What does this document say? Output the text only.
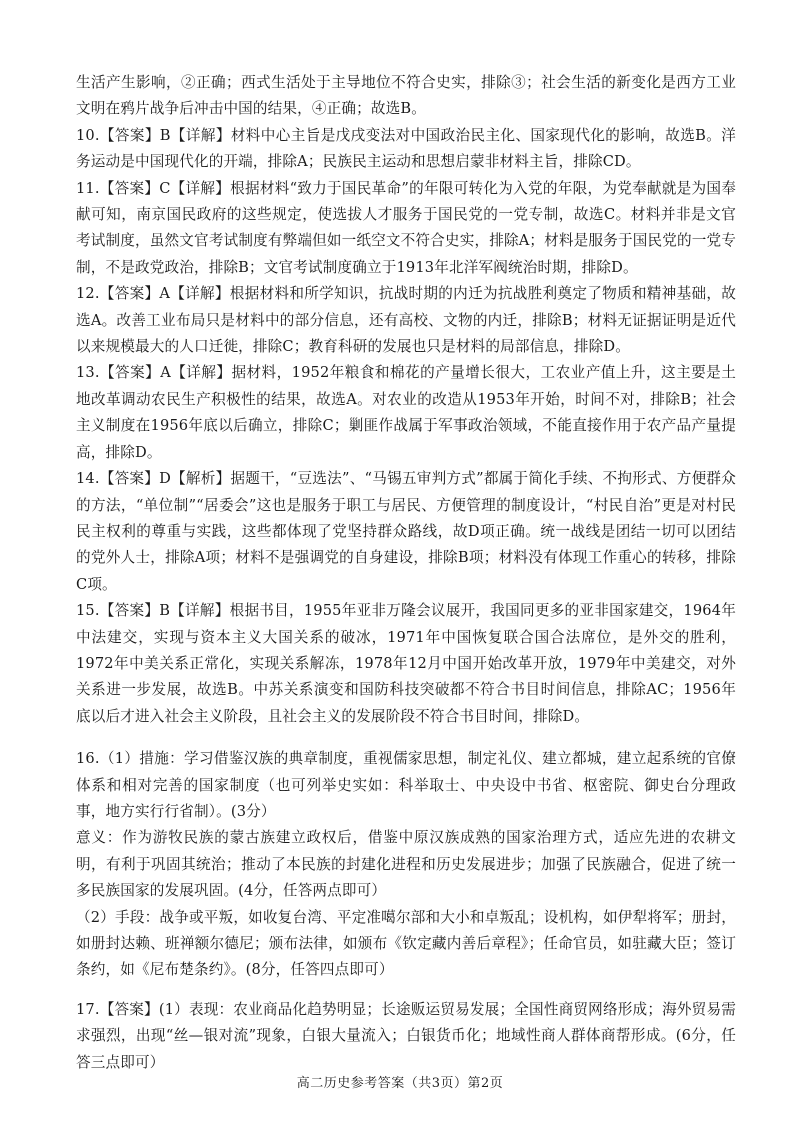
生活产生影响，②正确；西式生活处于主导地位不符合史实，排除③；社会生活的新变化是西方工业文明在鸦片战争后冲击中国的结果，④正确；故选B。

10.【答案】B【详解】材料中心主旨是戊戌变法对中国政治民主化、国家现代化的影响，故选B。洋务运动是中国现代化的开端，排除A；民族民主运动和思想启蒙非材料主旨，排除CD。

11.【答案】C【详解】根据材料“致力于国民革命”的年限可转化为入党的年限，为党奉献就是为国奉献可知，南京国民政府的这些规定，使选拔人才服务于国民党的一党专制，故选C。材料并非是文官考试制度，虽然文官考试制度有弊端但如一纸空文不符合史实，排除A；材料是服务于国民党的一党专制，不是政党政治，排除B；文官考试制度确立于1913年北洋军阀统治时期，排除D。

12.【答案】A【详解】根据材料和所学知识，抗战时期的内迁为抗战胜利奠定了物质和精神基础，故选A。改善工业布局只是材料中的部分信息，还有高校、文物的内迁，排除B；材料无证据证明是近代以来规模最大的人口迁徙，排除C；教育科研的发展也只是材料的局部信息，排除D。

13.【答案】A【详解】据材料，1952年粮食和棉花的产量增长很大，工农业产值上升，这主要是土地改革调动农民生产积极性的结果，故选A。对农业的改造从1953年开始，时间不对，排除B；社会主义制度在1956年底以后确立，排除C；剿匪作战属于军事政治领域，不能直接作用于农产品产量提高，排除D。

14.【答案】D【解析】据题干，“豆选法”、“马锡五审判方式”都属于简化手续、不拘形式、方便群众的方法，“单位制”“居委会”这也是服务于职工与居民、方便管理的制度设计，“村民自治”更是对村民民主权利的尊重与实践，这些都体现了党坚持群众路线，故D项正确。统一战线是团结一切可以团结的党外人士，排除A项；材料不是强调党的自身建设，排除B项；材料没有体现工作重心的转移，排除C项。

15.【答案】B【详解】根据书目，1955年亚非万隆会议展开，我国同更多的亚非国家建交，1964年中法建交，实现与资本主义大国关系的破冰，1971年中国恢复联合国合法席位，是外交的胜利，1972年中美关系正常化，实现关系解冻，1978年12月中国开始改革开放，1979年中美建交，对外关系进一步发展，故选B。中苏关系演变和国防科技突破都不符合书目时间信息，排除AC；1956年底以后才进入社会主义阶段，且社会主义的发展阶段不符合书目时间，排除D。

16.（1）措施：学习借鉴汉族的典章制度，重视儒家思想，制定礼仪、建立都城，建立起系统的官僚体系和相对完善的国家制度（也可列举史实如：科举取士、中央设中书省、枢密院、御史台分理政事，地方实行行省制）。(3分）

意义：作为游牧民族的蒙古族建立政权后，借鉴中原汉族成熟的国家治理方式，适应先进的农耕文明，有利于巩固其统治；推动了本民族的封建化进程和历史发展进步；加强了民族融合，促进了统一多民族国家的发展巩固。(4分，任答两点即可）

（2）手段：战争或平叛，如收复台湾、平定准噶尔部和大小和卓叛乱；设机构，如伊犁将军；册封，如册封达赖、班禅额尔德尼；颁布法律，如颁布《钦定藏内善后章程》；任命官员，如驻藏大臣；签订条约，如《尼布楚条约》。(8分，任答四点即可）

17.【答案】(1）表现：农业商品化趋势明显；长途贩运贸易发展；全国性商贸网络形成；海外贸易需求强烈，出现“丝—银对流”现象，白银大量流入；白银货币化；地域性商人群体商帮形成。(6分，任答三点即可）

高二历史参考答案（共3页）第2页
